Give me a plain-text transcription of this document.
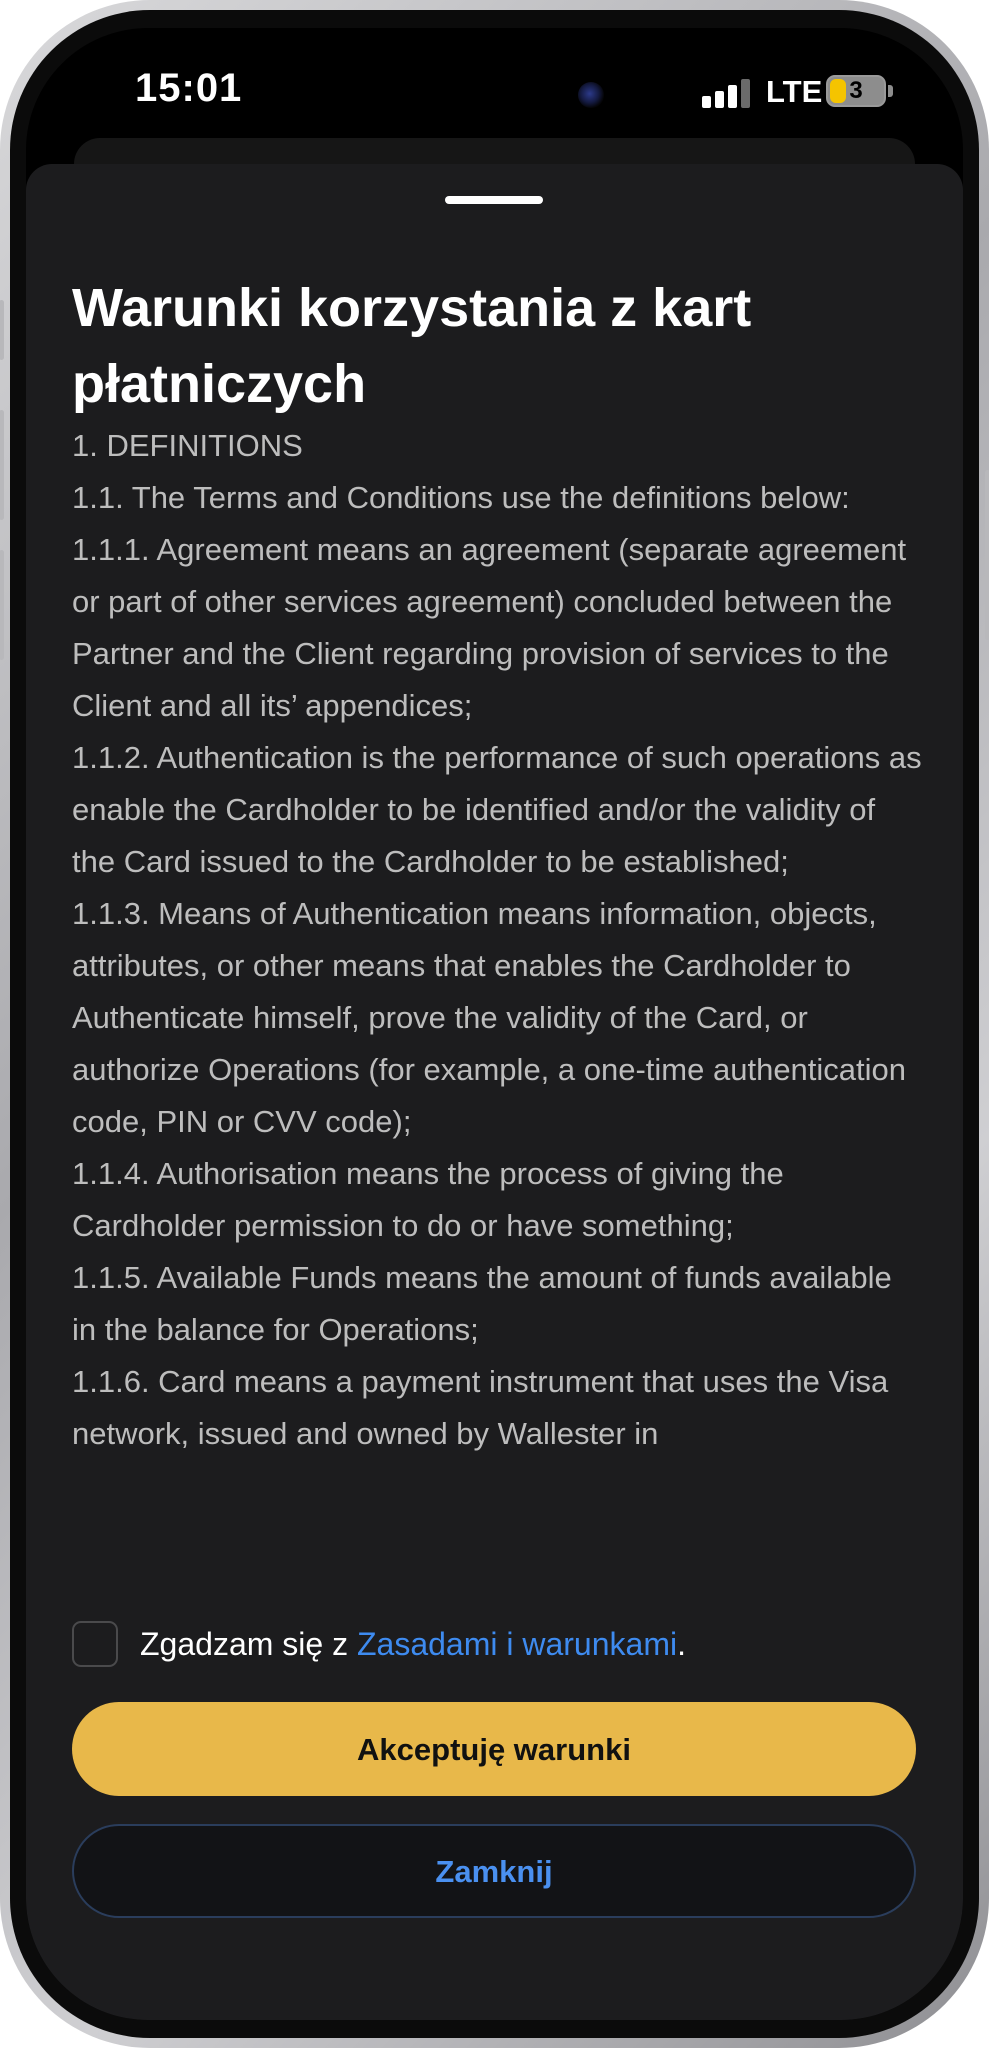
15:01	LTE	3
Warunki korzystania z kart płatniczych

1. DEFINITIONS

1.1. The Terms and Conditions use the definitions below:

1.1.1. Agreement means an agreement (separate agreement or part of other services agreement) concluded between the Partner and the Client regarding provision of services to the Client and all its’ appendices;

1.1.2. Authentication is the performance of such operations as enable the Cardholder to be identified and/or the validity of the Card issued to the Cardholder to be established;

1.1.3. Means of Authentication means information, objects, attributes, or other means that enables the Cardholder to Authenticate himself, prove the validity of the Card, or authorize Operations (for example, a one-time authentication code, PIN or CVV code);

1.1.4. Authorisation means the process of giving the Cardholder permission to do or have something;

1.1.5. Available Funds means the amount of funds available in the balance for Operations;

1.1.6. Card means a payment instrument that uses the Visa network, issued and owned by Wallester in

Zgadzam się z Zasadami i warunkami .
Akceptuję warunki
Zamknij
